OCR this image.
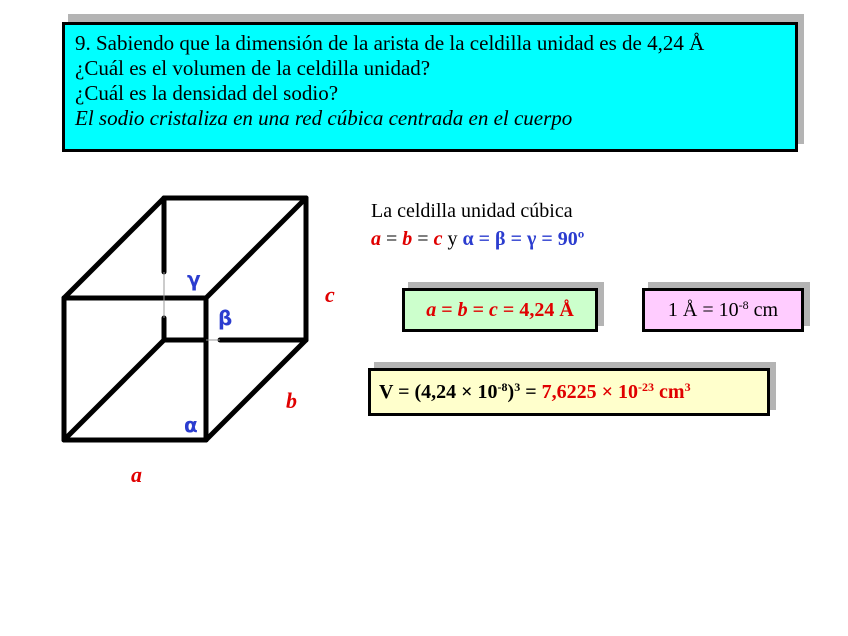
9. Sabiendo que la dimensión de la arista de la celdilla unidad es de 4,24 Å
¿Cuál es el volumen de la celdilla unidad?
¿Cuál es la densidad del sodio?
El sodio cristaliza en una red cúbica centrada en el cuerpo
a
b
c
γ
β
α
La celdilla unidad cúbica
a = b = c y α = β = γ = 90º
a = b = c = 4,24 Å	1 Å = $10^{-8}$ cm
$V = (4,24 \times 10^{-8})^3 = 7,6225 \times 10^{-23}$ $cm^3$
